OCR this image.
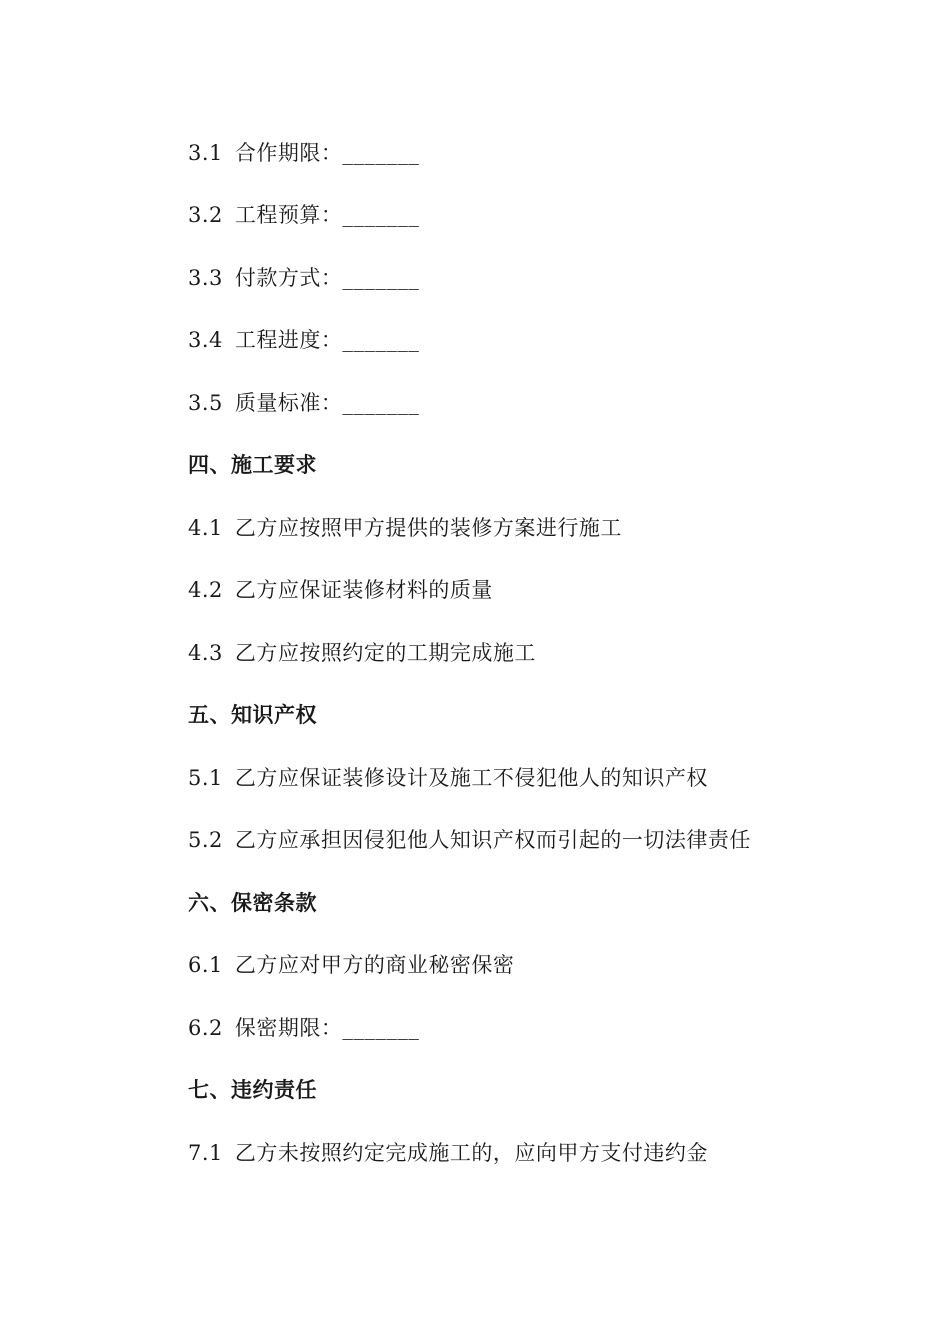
3.1 合作期限：_______
3.2 工程预算：_______
3.3 付款方式：_______
3.4 工程进度：_______
3.5 质量标准：_______
四、施工要求
4.1 乙方应按照甲方提供的装修方案进行施工
4.2 乙方应保证装修材料的质量
4.3 乙方应按照约定的工期完成施工
五、知识产权
5.1 乙方应保证装修设计及施工不侵犯他人的知识产权
5.2 乙方应承担因侵犯他人知识产权而引起的一切法律责任
六、保密条款
6.1 乙方应对甲方的商业秘密保密
6.2 保密期限：_______
七、违约责任
7.1 乙方未按照约定完成施工的，应向甲方支付违约金
